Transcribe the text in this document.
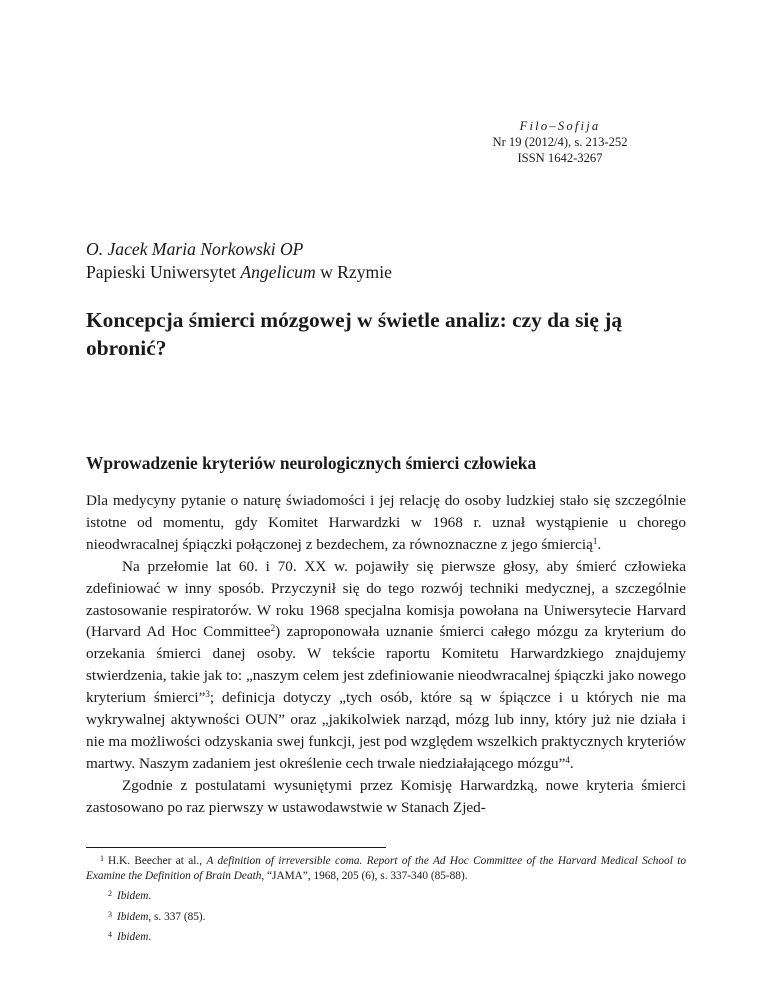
Filo–Sofija
Nr 19 (2012/4), s. 213-252
ISSN 1642-3267
O. Jacek Maria Norkowski OP
Papieski Uniwersytet Angelicum w Rzymie
Koncepcja śmierci mózgowej w świetle analiz: czy da się ją obronić?
Wprowadzenie kryteriów neurologicznych śmierci człowieka

Dla medycyny pytanie o naturę świadomości i jej relację do osoby ludzkiej stało się szczególnie istotne od momentu, gdy Komitet Harwardzki w 1968 r. uznał wystąpienie u chorego nieodwracalnej śpiączki połączonej z bezdechem, za równoznaczne z jego śmiercią$^1$.

Na przełomie lat 60. i 70. XX w. pojawiły się pierwsze głosy, aby śmierć człowieka zdefiniować w inny sposób. Przyczynił się do tego rozwój techniki medycznej, a szczególnie zastosowanie respiratorów. W roku 1968 specjalna komisja powołana na Uniwersytecie Harvard (Harvard Ad Hoc Committee$^2$) zaproponowała uznanie śmierci całego mózgu za kryterium do orzekania śmierci danej osoby. W tekście raportu Komitetu Harwardzkiego znajdujemy stwierdzenia, takie jak to: „naszym celem jest zdefiniowanie nieodwracalnej śpiączki jako nowego kryterium śmierci”$^3$; definicja dotyczy „tych osób, które są w śpiączce i u których nie ma wykrywalnej aktywności OUN” oraz „jakikolwiek narząd, mózg lub inny, który już nie działa i nie ma możliwości odzyskania swej funkcji, jest pod względem wszelkich praktycznych kryteriów martwy. Naszym zadaniem jest określenie cech trwale niedziałającego mózgu”$^4$.

Zgodnie z postulatami wysuniętymi przez Komisję Harwardzką, nowe kryteria śmierci zastosowano po raz pierwszy w ustawodawstwie w Stanach Zjed-

1 H.K. Beecher at al., A definition of irreversible coma. Report of the Ad Hoc Committee of the Harvard Medical School to Examine the Definition of Brain Death, “JAMA”, 1968, 205 (6), s. 337-340 (85-88).

2 Ibidem.

3 Ibidem, s. 337 (85).

4 Ibidem.
